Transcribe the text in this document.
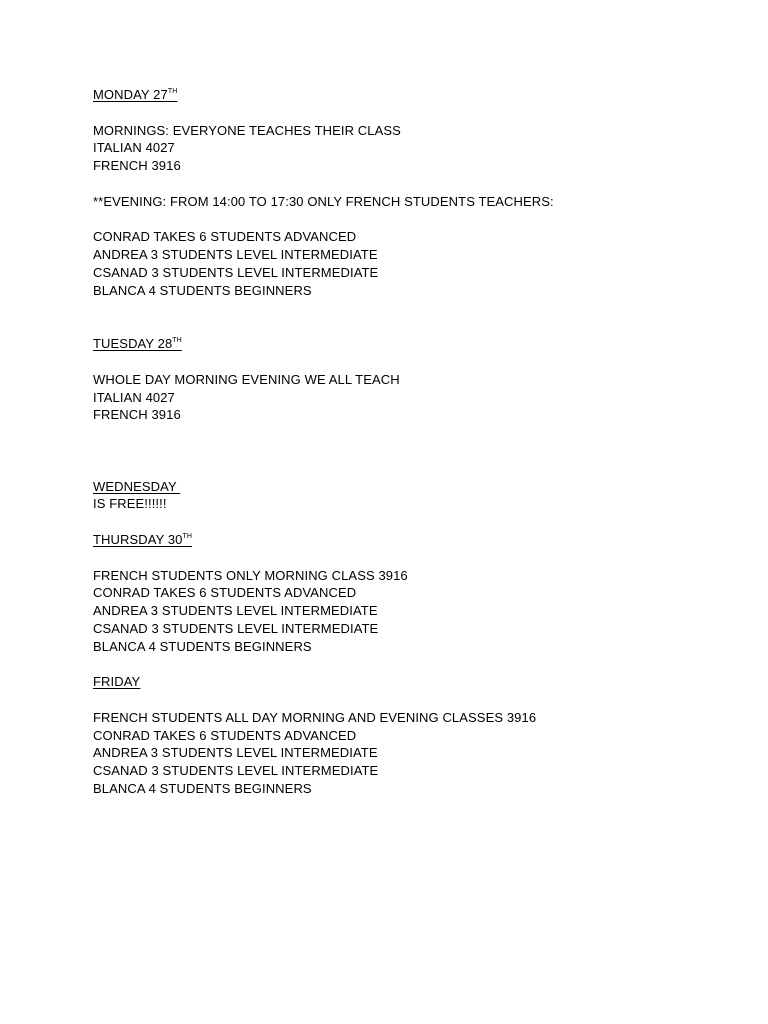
MONDAY 27TH
MORNINGS: EVERYONE TEACHES THEIR CLASS
ITALIAN 4027
FRENCH 3916
**EVENING: FROM 14:00 TO 17:30 ONLY FRENCH STUDENTS TEACHERS:
CONRAD TAKES 6 STUDENTS ADVANCED
ANDREA 3 STUDENTS LEVEL INTERMEDIATE
CSANAD 3 STUDENTS LEVEL INTERMEDIATE
BLANCA 4 STUDENTS BEGINNERS
TUESDAY 28TH
WHOLE DAY MORNING EVENING WE ALL TEACH
ITALIAN 4027
FRENCH 3916
WEDNESDAY
IS FREE!!!!!!
THURSDAY 30TH
FRENCH STUDENTS ONLY MORNING CLASS 3916
CONRAD TAKES 6 STUDENTS ADVANCED
ANDREA 3 STUDENTS LEVEL INTERMEDIATE
CSANAD 3 STUDENTS LEVEL INTERMEDIATE
BLANCA 4 STUDENTS BEGINNERS
FRIDAY
FRENCH STUDENTS ALL DAY MORNING AND EVENING CLASSES 3916
CONRAD TAKES 6 STUDENTS ADVANCED
ANDREA 3 STUDENTS LEVEL INTERMEDIATE
CSANAD 3 STUDENTS LEVEL INTERMEDIATE
BLANCA 4 STUDENTS BEGINNERS
